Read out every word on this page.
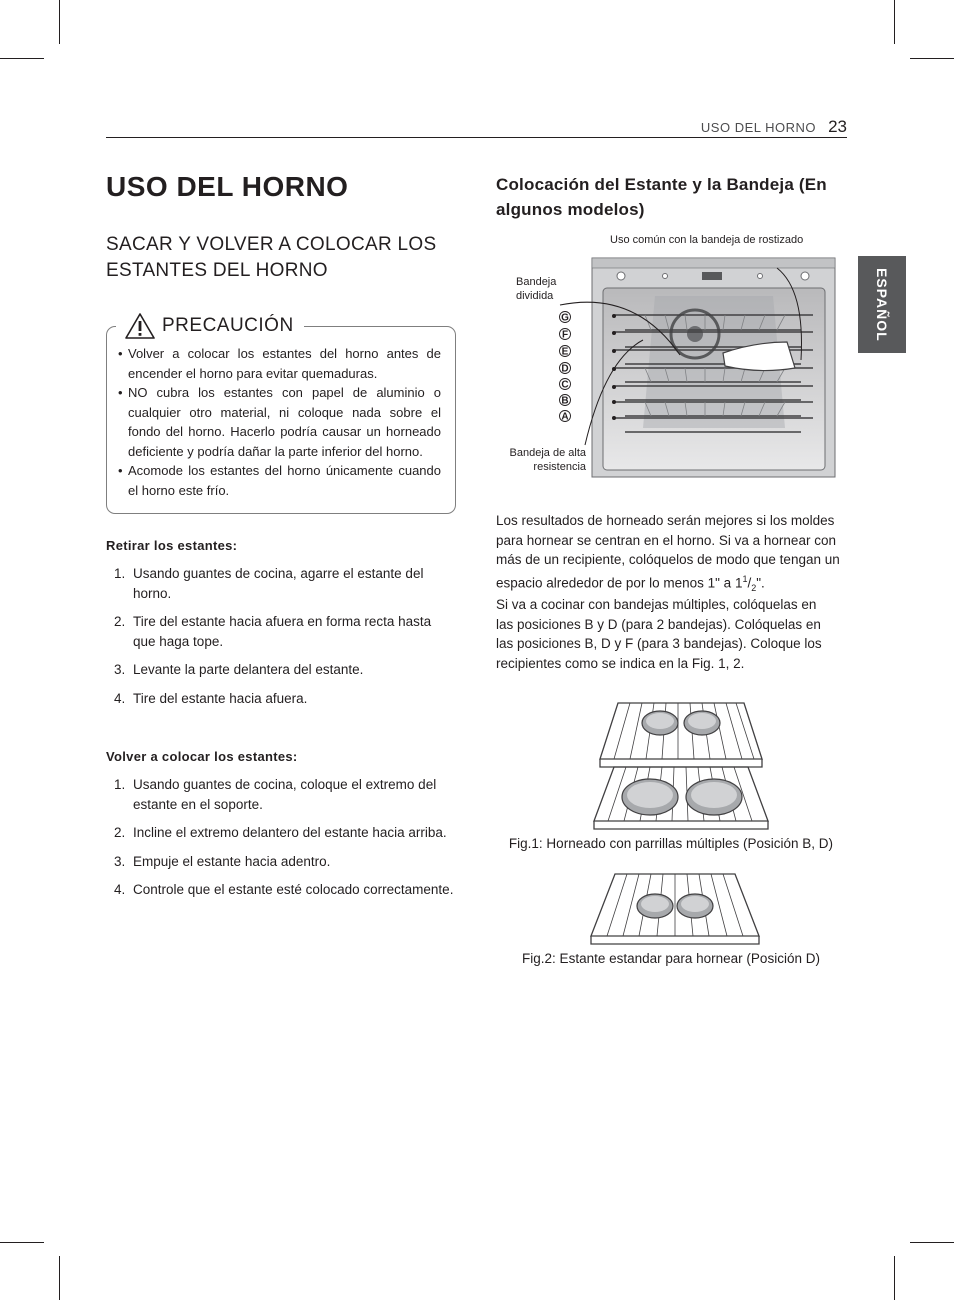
USO DEL HORNO 23
ESPAÑOL
USO DEL HORNO
SACAR Y VOLVER A COLOCAR LOS ESTANTES DEL HORNO
PRECAUCIÓN
• Volver a colocar los estantes del horno antes de encender el horno para evitar quemaduras.
• NO cubra los estantes con papel de aluminio o cualquier otro material, ni coloque nada sobre el fondo del horno. Hacerlo podría causar un horneado deficiente y podría dañar la parte inferior del horno.
• Acomode los estantes del horno únicamente cuando el horno este frío.
Retirar los estantes:
1. Usando guantes de cocina, agarre el estante del horno.
2. Tire del estante hacia afuera en forma recta hasta que haga tope.
3. Levante la parte delantera del estante.
4. Tire del estante hacia afuera.
Volver a colocar los estantes:
1. Usando guantes de cocina, coloque el extremo del estante en el soporte.
2. Incline el extremo delantero del estante hacia arriba.
3. Empuje el estante hacia adentro.
4. Controle que el estante esté colocado correctamente.
Colocación del Estante y la Bandeja (En algunos modelos)
Uso común con la bandeja de rostizado
Bandeja
dividida
Bandeja de alta
resistencia
G
F
E
D
C
B
A
Los resultados de horneado serán mejores si los moldes para hornear se centran en el horno. Si va a hornear con más de un recipiente, colóquelos de modo que tengan un espacio alrededor de por lo menos 1" a $1^1/_2$".
Si va a cocinar con bandejas múltiples, colóquelas en las posiciones B y D (para 2 bandejas). Colóquelas en las posiciones B, D y F (para 3 bandejas). Coloque los recipientes como se indica en la Fig. 1, 2.
Fig.1: Horneado con parrillas múltiples (Posición B, D)
Fig.2: Estante estandar para hornear (Posición D)
